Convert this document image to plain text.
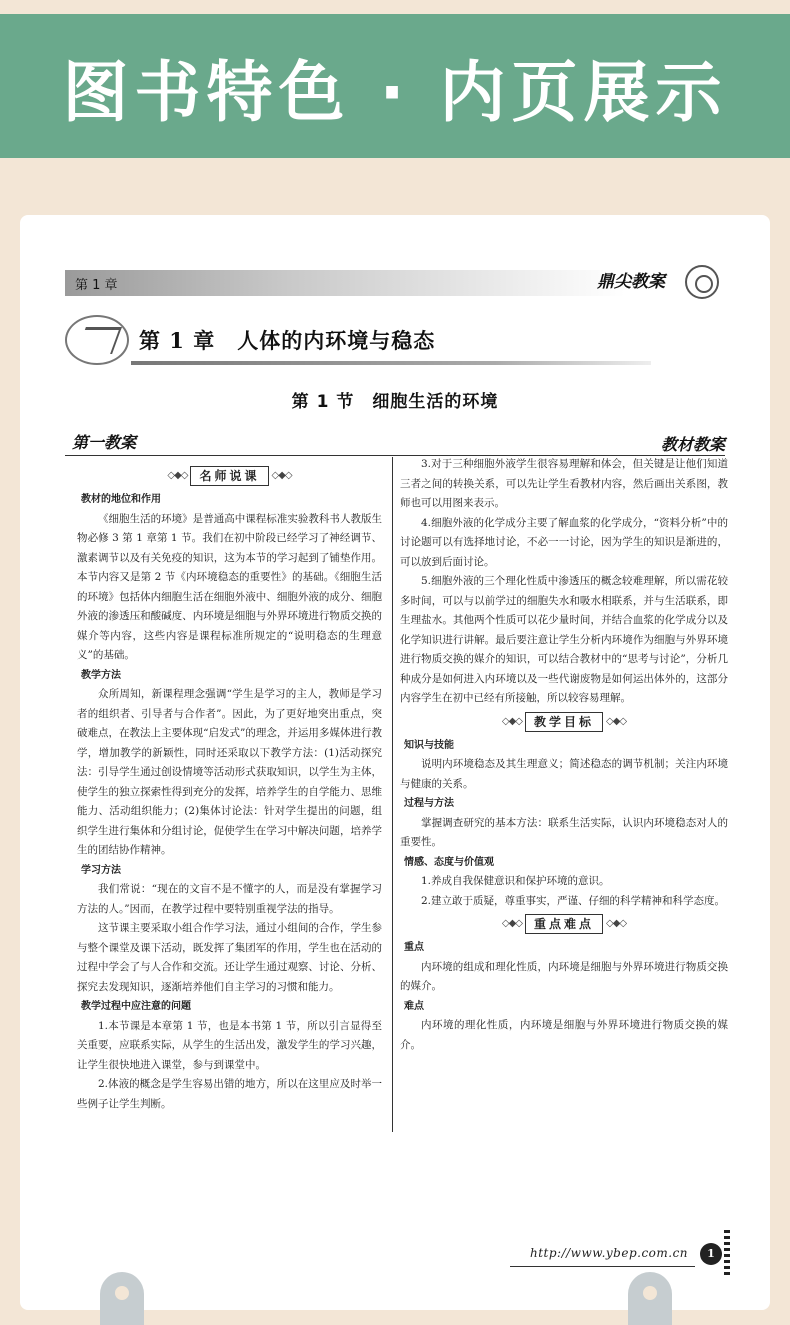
图书特色 · 内页展示
第 1 章	鼎尖教案
第 1 章　人体的内环境与稳态
第 1 节　细胞生活的环境
第一教案	教材教案
◇◆◇	名师说课	◇◆◇
教材的地位和作用
《细胞生活的环境》是普通高中课程标准实验教科书人教版生物必修 3 第 1 章第 1 节。我们在初中阶段已经学习了神经调节、激素调节以及有关免疫的知识，这为本节的学习起到了铺垫作用。本节内容又是第 2 节《内环境稳态的重要性》的基础。《细胞生活的环境》包括体内细胞生活在细胞外液中、细胞外液的成分、细胞外液的渗透压和酸碱度、内环境是细胞与外界环境进行物质交换的媒介等内容，这些内容是课程标准所规定的“说明稳态的生理意义”的基础。
教学方法
众所周知，新课程理念强调“学生是学习的主人，教师是学习者的组织者、引导者与合作者”。因此，为了更好地突出重点，突破难点，在教法上主要体现“启发式”的理念，并运用多媒体进行教学，增加教学的新颖性，同时还采取以下教学方法：(1)活动探究法：引导学生通过创设情境等活动形式获取知识，以学生为主体，使学生的独立探索性得到充分的发挥，培养学生的自学能力、思维能力、活动组织能力；(2)集体讨论法：针对学生提出的问题，组织学生进行集体和分组讨论，促使学生在学习中解决问题，培养学生的团结协作精神。
学习方法
我们常说：“现在的文盲不是不懂字的人，而是没有掌握学习方法的人。”因而，在教学过程中要特别重视学法的指导。
这节课主要采取小组合作学习法，通过小组间的合作，学生参与整个课堂及课下活动，既发挥了集团军的作用，学生也在活动的过程中学会了与人合作和交流。还让学生通过观察、讨论、分析、探究去发现知识，逐渐培养他们自主学习的习惯和能力。
教学过程中应注意的问题
1.本节课是本章第 1 节，也是本书第 1 节，所以引言显得至关重要，应联系实际，从学生的生活出发，激发学生的学习兴趣，让学生很快地进入课堂，参与到课堂中。
2.体液的概念是学生容易出错的地方，所以在这里应及时举一些例子让学生判断。
3.对于三种细胞外液学生很容易理解和体会，但关键是让他们知道三者之间的转换关系，可以先让学生看教材内容，然后画出关系图，教师也可以用图来表示。
4.细胞外液的化学成分主要了解血浆的化学成分，“资料分析”中的讨论题可以有选择地讨论，不必一一讨论，因为学生的知识是渐进的，可以放到后面讨论。
5.细胞外液的三个理化性质中渗透压的概念较难理解，所以需花较多时间，可以与以前学过的细胞失水和吸水相联系，并与生活联系，即生理盐水。其他两个性质可以花少量时间，并结合血浆的化学成分以及化学知识进行讲解。最后要注意让学生分析内环境作为细胞与外界环境进行物质交换的媒介的知识，可以结合教材中的“思考与讨论”，分析几种成分是如何进入内环境以及一些代谢废物是如何运出体外的，这部分内容学生在初中已经有所接触，所以较容易理解。
◇◆◇	教学目标	◇◆◇
知识与技能
说明内环境稳态及其生理意义；简述稳态的调节机制；关注内环境与健康的关系。
过程与方法
掌握调查研究的基本方法：联系生活实际，认识内环境稳态对人的重要性。
情感、态度与价值观
1.养成自我保健意识和保护环境的意识。
2.建立敢于质疑，尊重事实，严谨、仔细的科学精神和科学态度。
◇◆◇	重点难点	◇◆◇
重点
内环境的组成和理化性质，内环境是细胞与外界环境进行物质交换的媒介。
难点
内环境的理化性质，内环境是细胞与外界环境进行物质交换的媒介。
http://www.ybep.com.cn	1
